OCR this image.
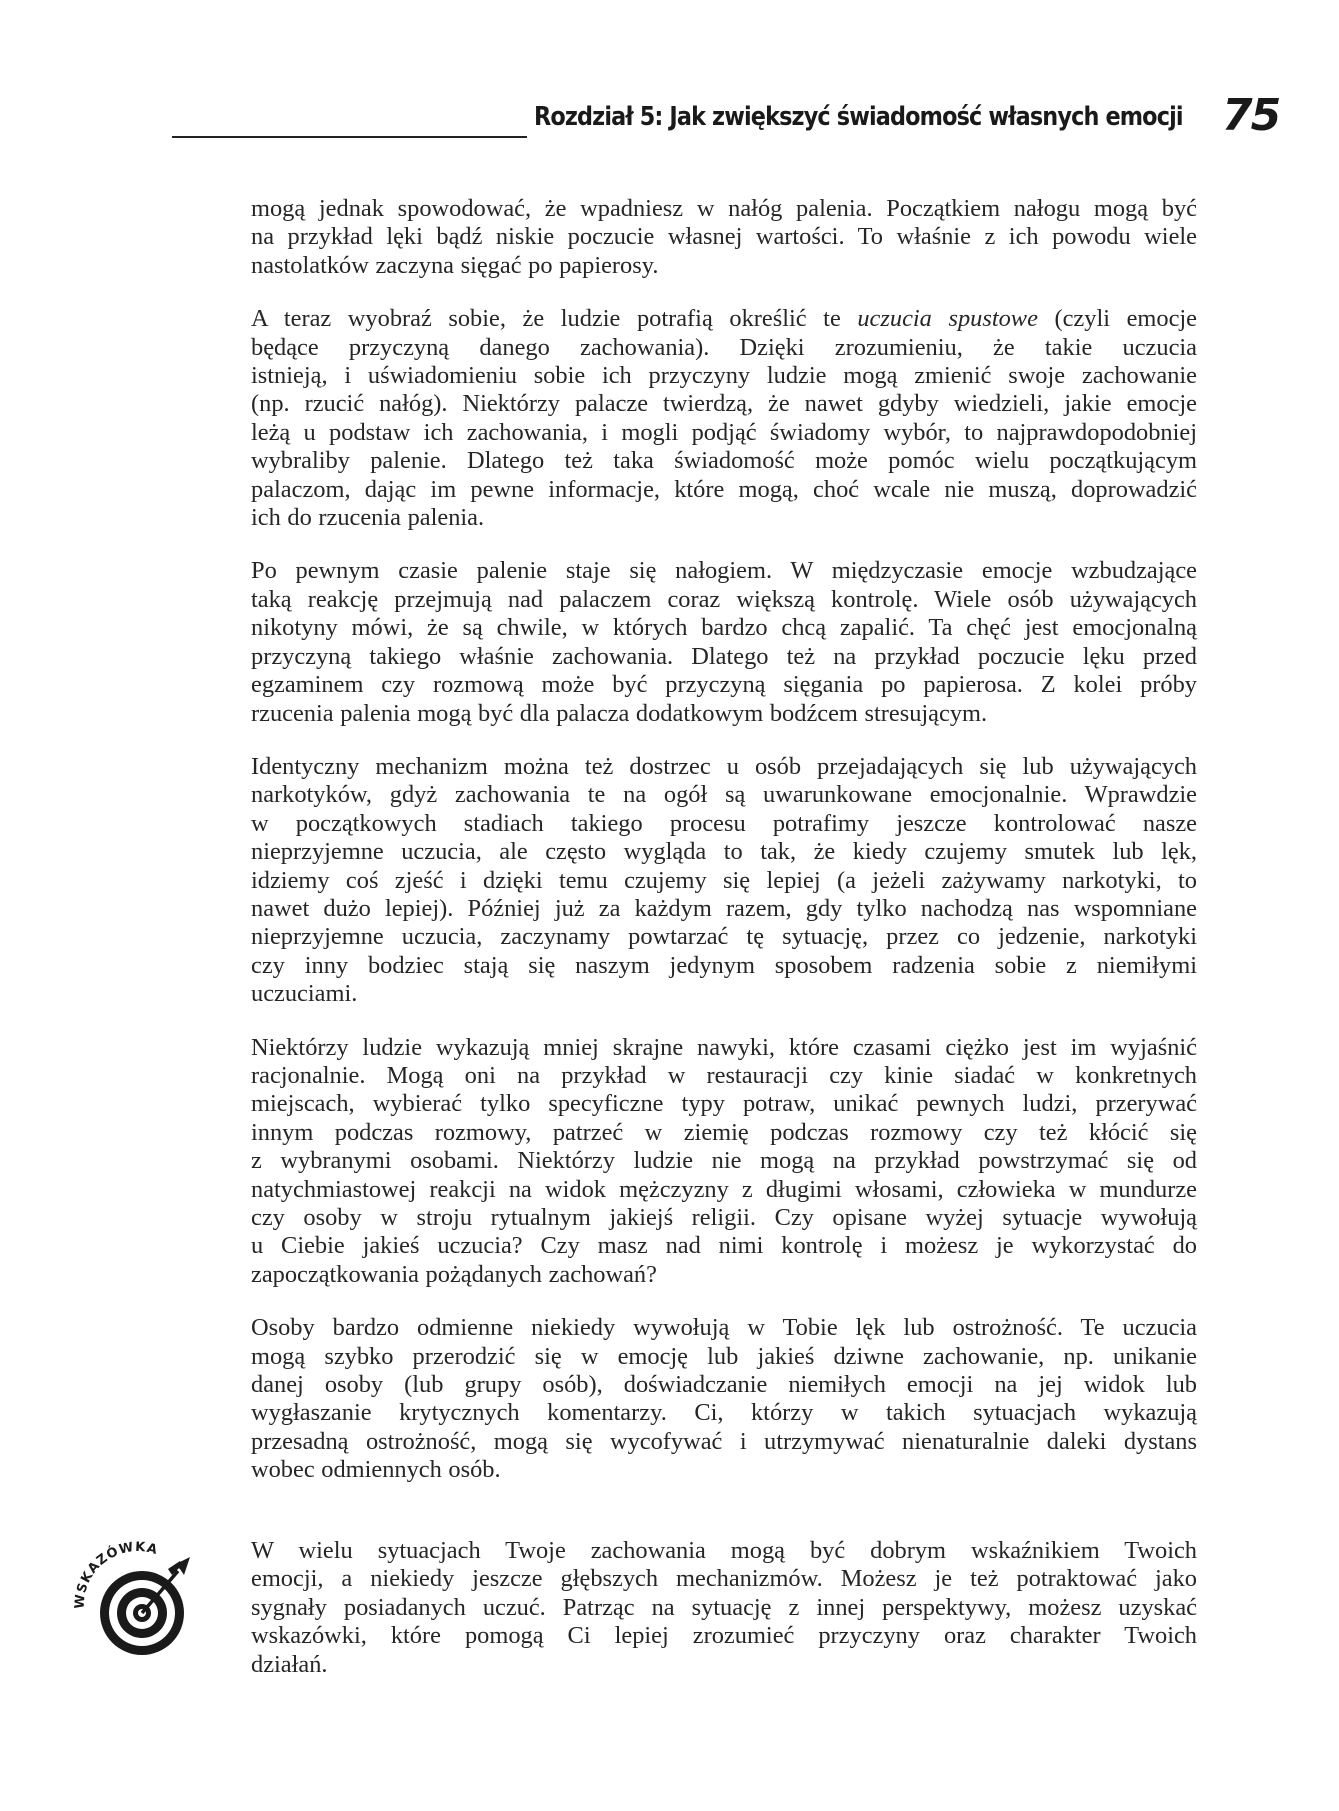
Rozdział 5: Jak zwiększyć świadomość własnych emocji 75

mogą jednak spowodować, że wpadniesz w nałóg palenia. Początkiem nałogu mogą być
na przykład lęki bądź niskie poczucie własnej wartości. To właśnie z ich powodu wiele
nastolatków zaczyna sięgać po papierosy.

A teraz wyobraź sobie, że ludzie potrafią określić te uczucia spustowe (czyli emocje
będące przyczyną danego zachowania). Dzięki zrozumieniu, że takie uczucia
istnieją, i uświadomieniu sobie ich przyczyny ludzie mogą zmienić swoje zachowanie
(np. rzucić nałóg). Niektórzy palacze twierdzą, że nawet gdyby wiedzieli, jakie emocje
leżą u podstaw ich zachowania, i mogli podjąć świadomy wybór, to najprawdopodobniej
wybraliby palenie. Dlatego też taka świadomość może pomóc wielu początkującym
palaczom, dając im pewne informacje, które mogą, choć wcale nie muszą, doprowadzić
ich do rzucenia palenia.

Po pewnym czasie palenie staje się nałogiem. W międzyczasie emocje wzbudzające
taką reakcję przejmują nad palaczem coraz większą kontrolę. Wiele osób używających
nikotyny mówi, że są chwile, w których bardzo chcą zapalić. Ta chęć jest emocjonalną
przyczyną takiego właśnie zachowania. Dlatego też na przykład poczucie lęku przed
egzaminem czy rozmową może być przyczyną sięgania po papierosa. Z kolei próby
rzucenia palenia mogą być dla palacza dodatkowym bodźcem stresującym.

Identyczny mechanizm można też dostrzec u osób przejadających się lub używających
narkotyków, gdyż zachowania te na ogół są uwarunkowane emocjonalnie. Wprawdzie
w początkowych stadiach takiego procesu potrafimy jeszcze kontrolować nasze
nieprzyjemne uczucia, ale często wygląda to tak, że kiedy czujemy smutek lub lęk,
idziemy coś zjeść i dzięki temu czujemy się lepiej (a jeżeli zażywamy narkotyki, to
nawet dużo lepiej). Później już za każdym razem, gdy tylko nachodzą nas wspomniane
nieprzyjemne uczucia, zaczynamy powtarzać tę sytuację, przez co jedzenie, narkotyki
czy inny bodziec stają się naszym jedynym sposobem radzenia sobie z niemiłymi
uczuciami.

Niektórzy ludzie wykazują mniej skrajne nawyki, które czasami ciężko jest im wyjaśnić
racjonalnie. Mogą oni na przykład w restauracji czy kinie siadać w konkretnych
miejscach, wybierać tylko specyficzne typy potraw, unikać pewnych ludzi, przerywać
innym podczas rozmowy, patrzeć w ziemię podczas rozmowy czy też kłócić się
z wybranymi osobami. Niektórzy ludzie nie mogą na przykład powstrzymać się od
natychmiastowej reakcji na widok mężczyzny z długimi włosami, człowieka w mundurze
czy osoby w stroju rytualnym jakiejś religii. Czy opisane wyżej sytuacje wywołują
u Ciebie jakieś uczucia? Czy masz nad nimi kontrolę i możesz je wykorzystać do
zapoczątkowania pożądanych zachowań?

Osoby bardzo odmienne niekiedy wywołują w Tobie lęk lub ostrożność. Te uczucia
mogą szybko przerodzić się w emocję lub jakieś dziwne zachowanie, np. unikanie
danej osoby (lub grupy osób), doświadczanie niemiłych emocji na jej widok lub
wygłaszanie krytycznych komentarzy. Ci, którzy w takich sytuacjach wykazują
przesadną ostrożność, mogą się wycofywać i utrzymywać nienaturalnie daleki dystans
wobec odmiennych osób.

WSKAZÓWKA	W wielu sytuacjach Twoje zachowania mogą być dobrym wskaźnikiem Twoich
emocji, a niekiedy jeszcze głębszych mechanizmów. Możesz je też potraktować jako
sygnały posiadanych uczuć. Patrząc na sytuację z innej perspektywy, możesz uzyskać
wskazówki, które pomogą Ci lepiej zrozumieć przyczyny oraz charakter Twoich
działań.
